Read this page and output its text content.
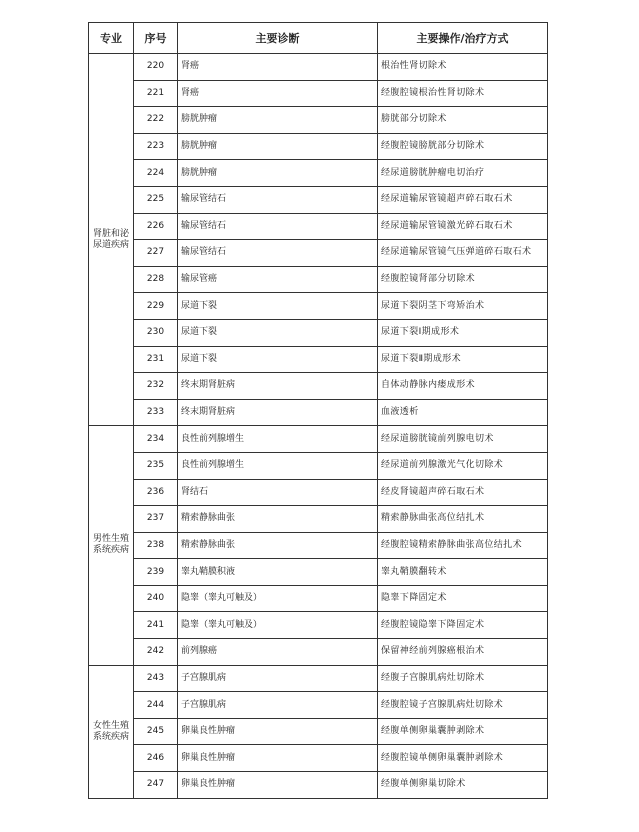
专业	序号	主要诊断	主要操作/治疗方式
肾脏和泌尿道疾病	220	肾癌	根治性肾切除术
	221	肾癌	经腹腔镜根治性肾切除术
	222	膀胱肿瘤	膀胱部分切除术
	223	膀胱肿瘤	经腹腔镜膀胱部分切除术
	224	膀胱肿瘤	经尿道膀胱肿瘤电切治疗
	225	输尿管结石	经尿道输尿管镜超声碎石取石术
	226	输尿管结石	经尿道输尿管镜激光碎石取石术
	227	输尿管结石	经尿道输尿管镜气压弹道碎石取石术
	228	输尿管癌	经腹腔镜肾部分切除术
	229	尿道下裂	尿道下裂阴茎下弯矫治术
	230	尿道下裂	尿道下裂Ⅰ期成形术
	231	尿道下裂	尿道下裂Ⅱ期成形术
	232	终末期肾脏病	自体动静脉内瘘成形术
	233	终末期肾脏病	血液透析
男性生殖系统疾病	234	良性前列腺增生	经尿道膀胱镜前列腺电切术
	235	良性前列腺增生	经尿道前列腺激光气化切除术
	236	肾结石	经皮肾镜超声碎石取石术
	237	精索静脉曲张	精索静脉曲张高位结扎术
	238	精索静脉曲张	经腹腔镜精索静脉曲张高位结扎术
	239	睾丸鞘膜积液	睾丸鞘膜翻转术
	240	隐睾（睾丸可触及）	隐睾下降固定术
	241	隐睾（睾丸可触及）	经腹腔镜隐睾下降固定术
	242	前列腺癌	保留神经前列腺癌根治术
女性生殖系统疾病	243	子宫腺肌病	经腹子宫腺肌病灶切除术
	244	子宫腺肌病	经腹腔镜子宫腺肌病灶切除术
	245	卵巢良性肿瘤	经腹单侧卵巢囊肿剥除术
	246	卵巢良性肿瘤	经腹腔镜单侧卵巢囊肿剥除术
	247	卵巢良性肿瘤	经腹单侧卵巢切除术
